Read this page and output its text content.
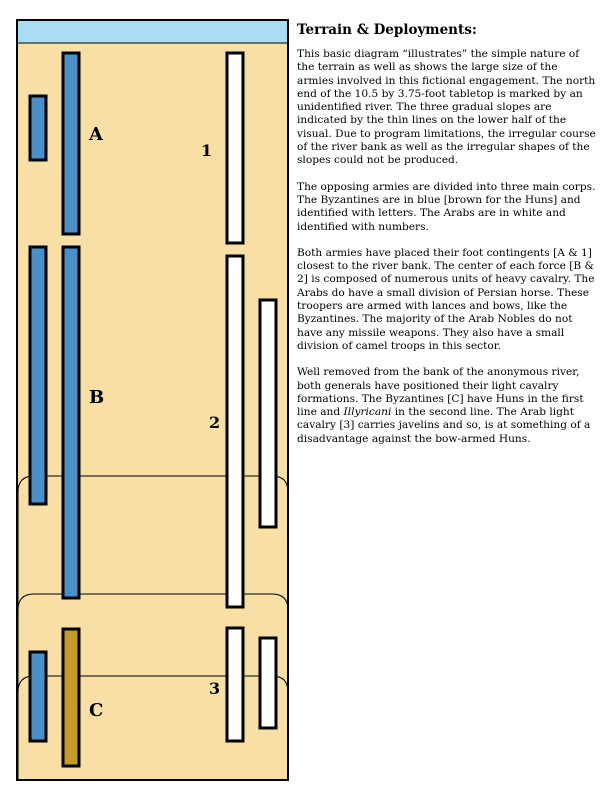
A
B
C
1
2
3
Terrain & Deployments:

This basic diagram “illustrates” the simple nature of the terrain as well as shows the large size of the armies involved in this fictional engagement. The north end of the 10.5 by 3.75-foot tabletop is marked by an unidentified river. The three gradual slopes are indicated by the thin lines on the lower half of the visual. Due to program limitations, the irregular course of the river bank as well as the irregular shapes of the slopes could not be produced.

The opposing armies are divided into three main corps. The Byzantines are in blue [brown for the Huns] and identified with letters. The Arabs are in white and identified with numbers.

Both armies have placed their foot contingents [A & 1] closest to the river bank. The center of each force [B & 2] is composed of numerous units of heavy cavalry. The Arabs do have a small division of Persian horse. These troopers are armed with lances and bows, like the Byzantines. The majority of the Arab Nobles do not have any missile weapons. They also have a small division of camel troops in this sector.

Well removed from the bank of the anonymous river, both generals have positioned their light cavalry formations. The Byzantines [C] have Huns in the first line and Illyricani in the second line. The Arab light cavalry [3] carries javelins and so, is at something of a disadvantage against the bow-armed Huns.
